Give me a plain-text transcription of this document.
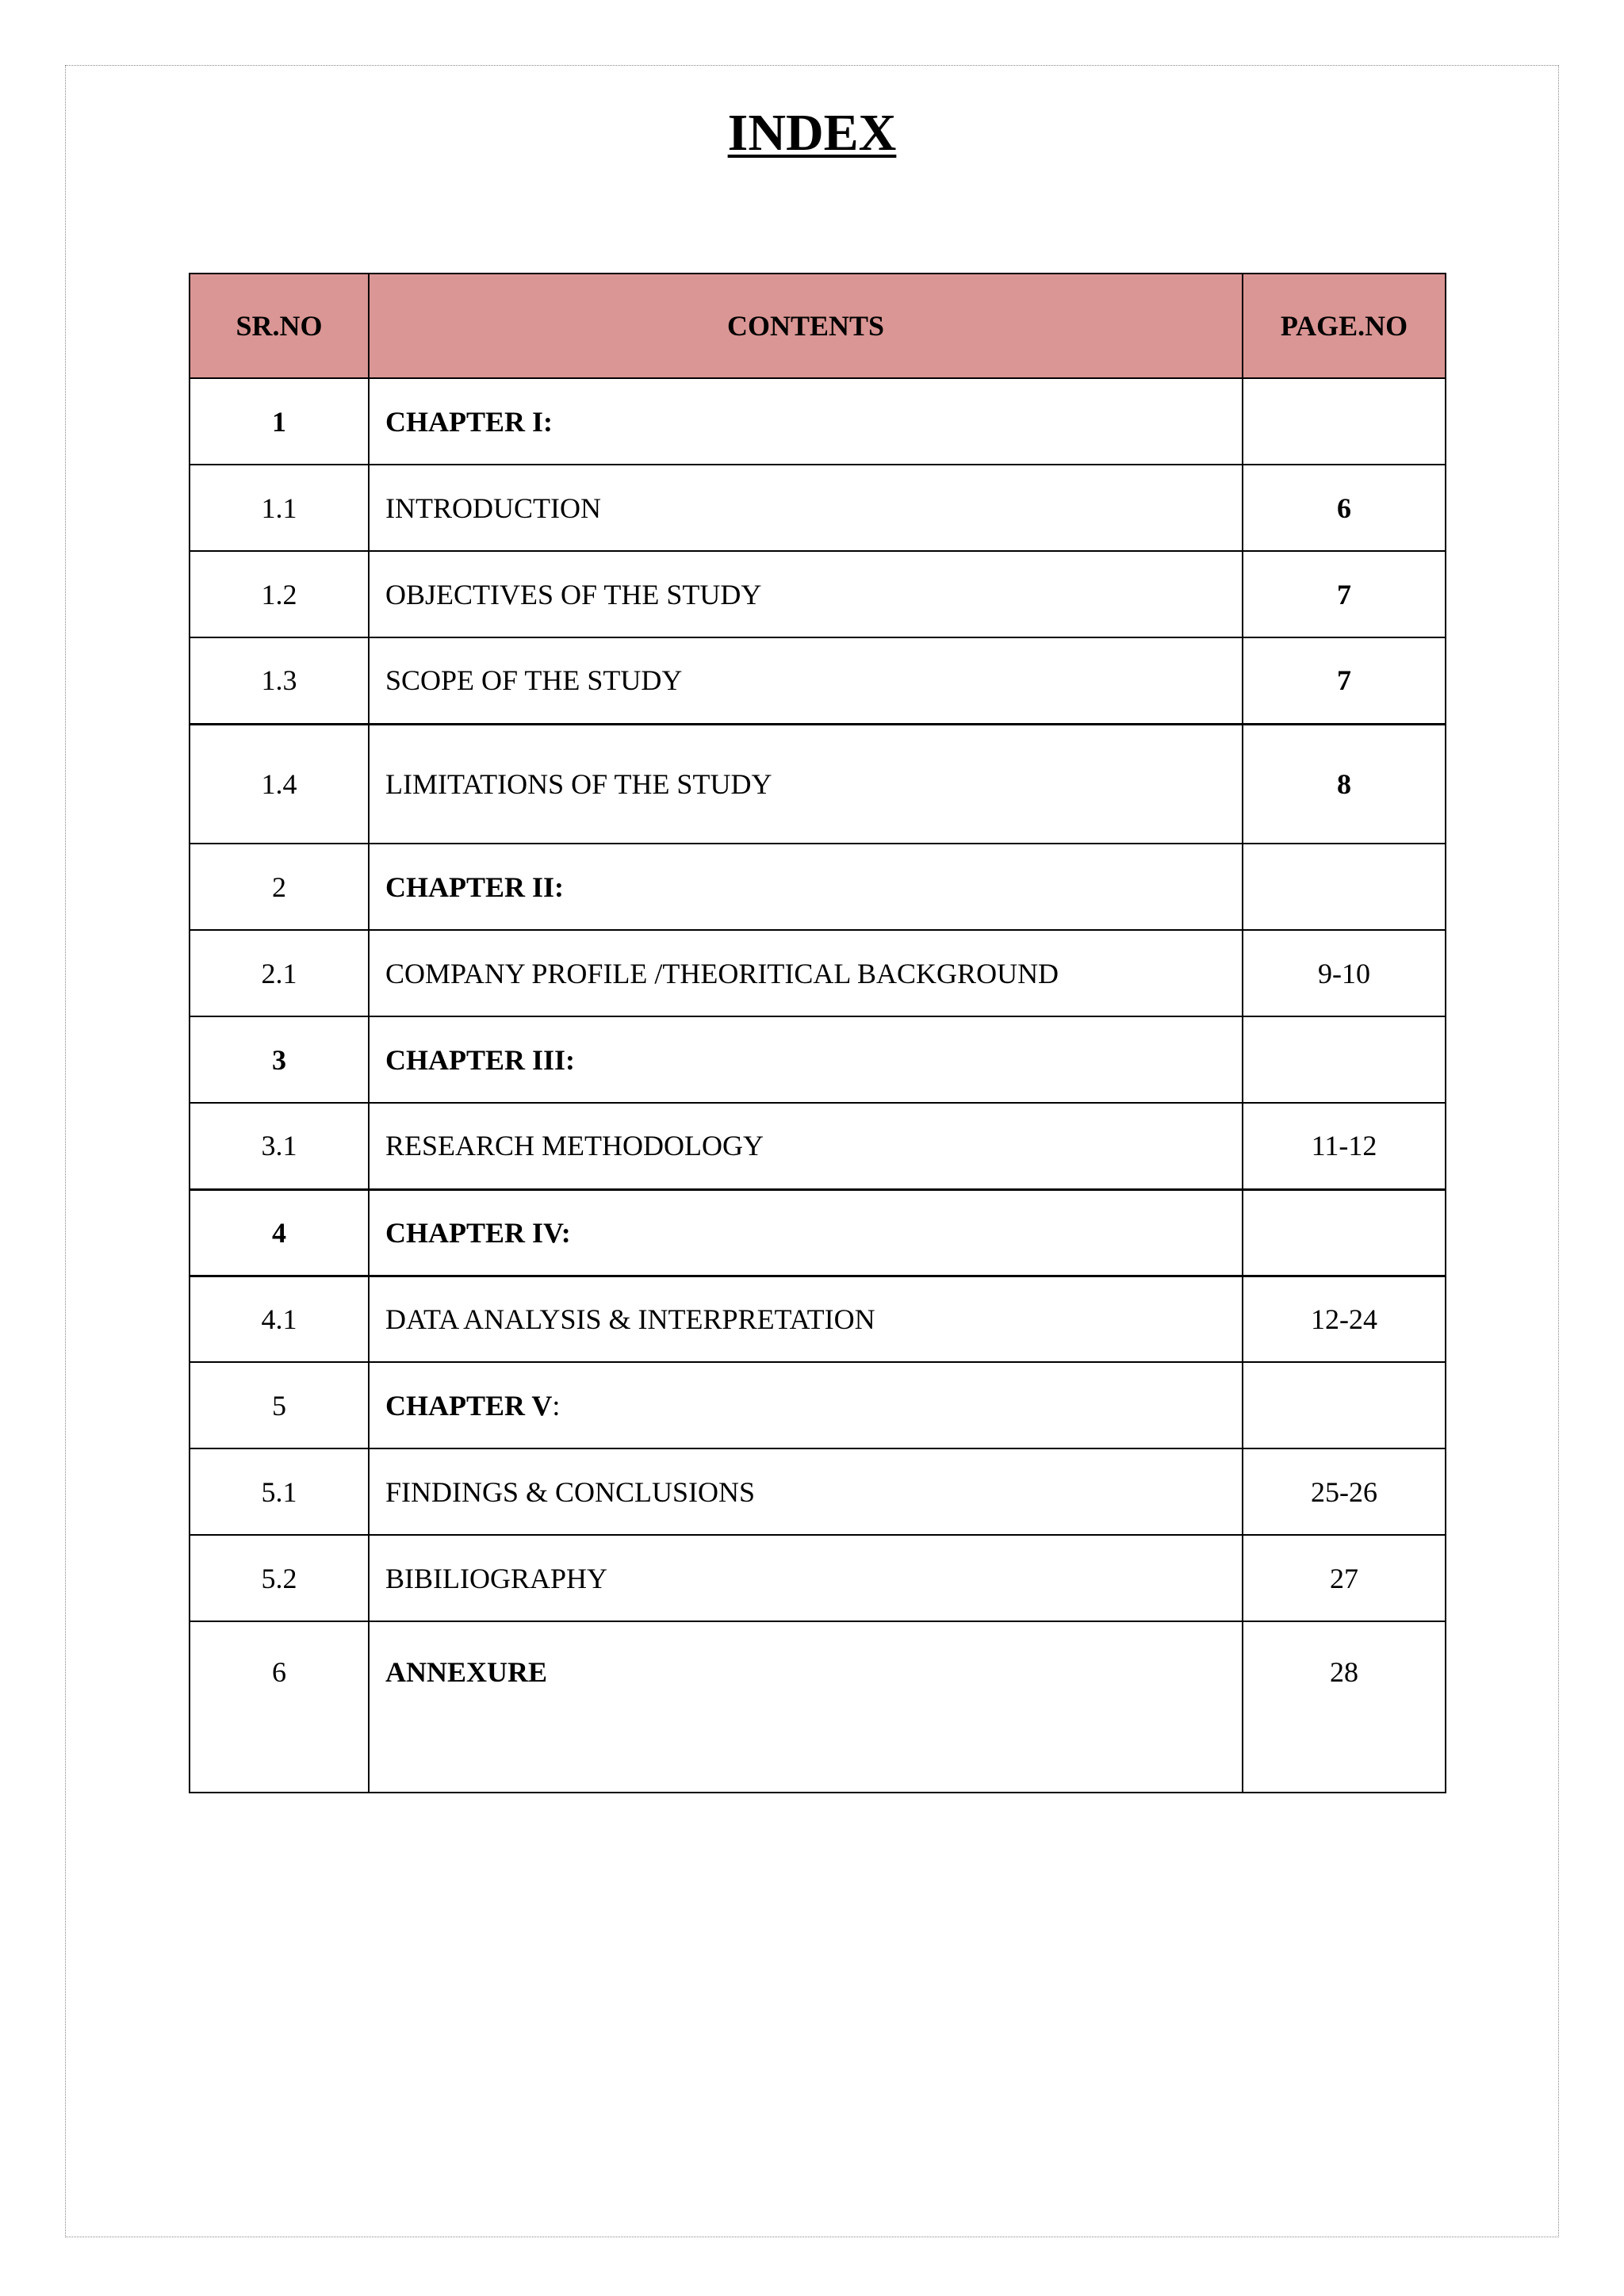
INDEX
SR.NO	CONTENTS	PAGE.NO
1	CHAPTER I:	
1.1	INTRODUCTION	6
1.2	OBJECTIVES OF THE STUDY	7
1.3	SCOPE OF THE STUDY	7
1.4	LIMITATIONS OF THE STUDY	8
2	CHAPTER II:	
2.1	COMPANY PROFILE /THEORITICAL BACKGROUND	9-10
3	CHAPTER III:	
3.1	RESEARCH METHODOLOGY	11-12
4	CHAPTER IV:	
4.1	DATA ANALYSIS & INTERPRETATION	12-24
5	CHAPTER V:	
5.1	FINDINGS & CONCLUSIONS	25-26
5.2	BIBILIOGRAPHY	27
6	ANNEXURE	28
